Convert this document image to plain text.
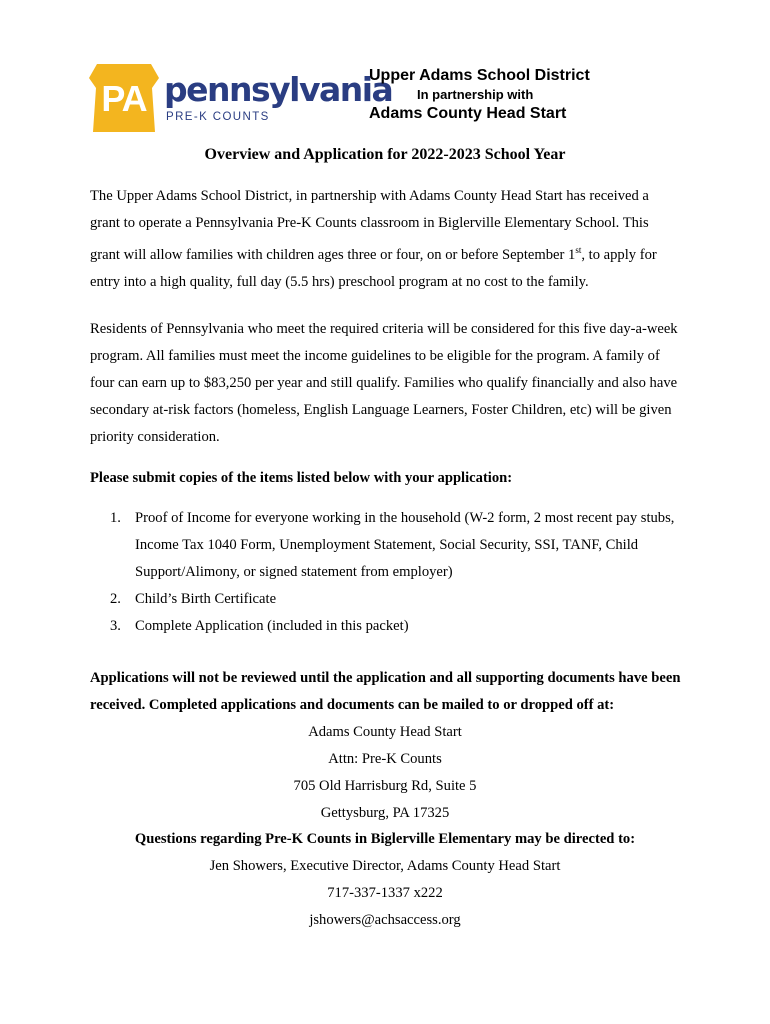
PA pennsylvania
PRE-K COUNTS
Upper Adams School District
In partnership with
Adams County Head Start
Overview and Application for 2022-2023 School Year

The Upper Adams School District, in partnership with Adams County Head Start has received a grant to operate a Pennsylvania Pre-K Counts classroom in Biglerville Elementary School. This grant will allow families with children ages three or four, on or before September 1st, to apply for entry into a high quality, full day (5.5 hrs) preschool program at no cost to the family.

Residents of Pennsylvania who meet the required criteria will be considered for this five day-a-week program. All families must meet the income guidelines to be eligible for the program. A family of four can earn up to $83,250 per year and still qualify. Families who qualify financially and also have secondary at-risk factors (homeless, English Language Learners, Foster Children, etc) will be given priority consideration.

Please submit copies of the items listed below with your application:
1. Proof of Income for everyone working in the household (W-2 form, 2 most recent pay stubs, Income Tax 1040 Form, Unemployment Statement, Social Security, SSI, TANF, Child Support/Alimony, or signed statement from employer)
2. Child’s Birth Certificate
3. Complete Application (included in this packet)

Applications will not be reviewed until the application and all supporting documents have been received. Completed applications and documents can be mailed to or dropped off at:

Adams County Head Start
Attn: Pre-K Counts
705 Old Harrisburg Rd, Suite 5
Gettysburg, PA 17325
Questions regarding Pre-K Counts in Biglerville Elementary may be directed to:
Jen Showers, Executive Director, Adams County Head Start
717-337-1337 x222
jshowers@achsaccess.org
